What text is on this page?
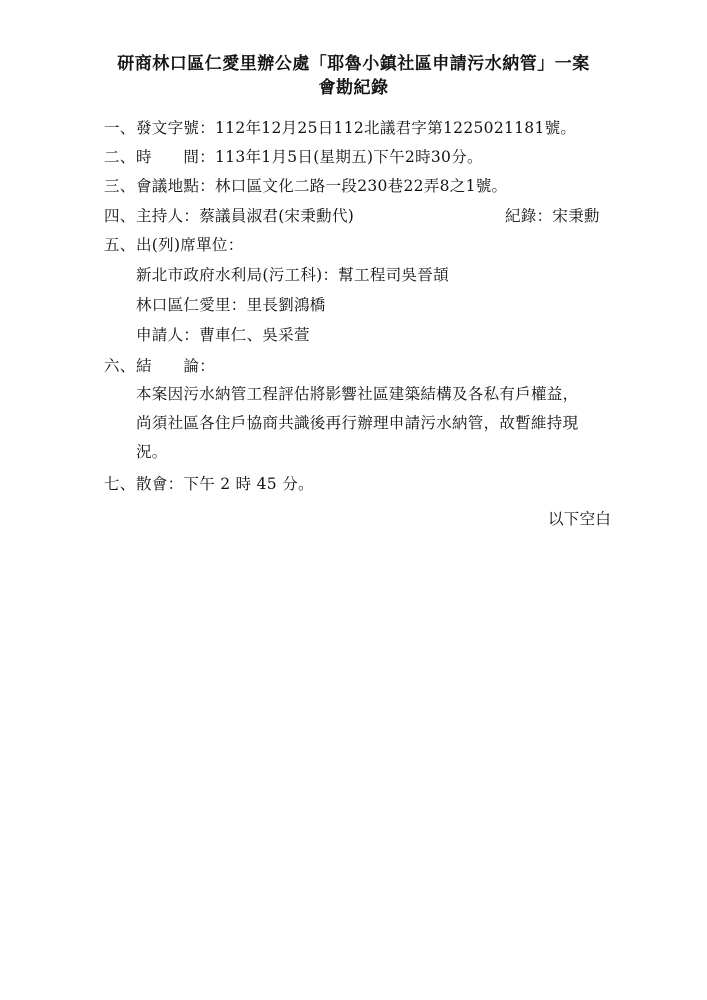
研商林口區仁愛里辦公處「耶魯小鎮社區申請污水納管」一案
會勘紀錄
一、發文字號：112年12月25日112北議君字第1225021181號。
二、時　　間：113年1月5日(星期五)下午2時30分。
三、會議地點：林口區文化二路一段230巷22弄8之1號。
四、主持人：蔡議員淑君(宋秉勳代)	紀錄：宋秉勳
五、出(列)席單位：
新北市政府水利局(污工科)：幫工程司吳晉頡
林口區仁愛里：里長劉鴻橋
申請人：曹車仁、吳采萱
六、結　　論：
本案因污水納管工程評估將影響社區建築結構及各私有戶權益，
尚須社區各住戶協商共識後再行辦理申請污水納管，故暫維持現
況。
七、散會：下午 2 時 45 分。
以下空白
